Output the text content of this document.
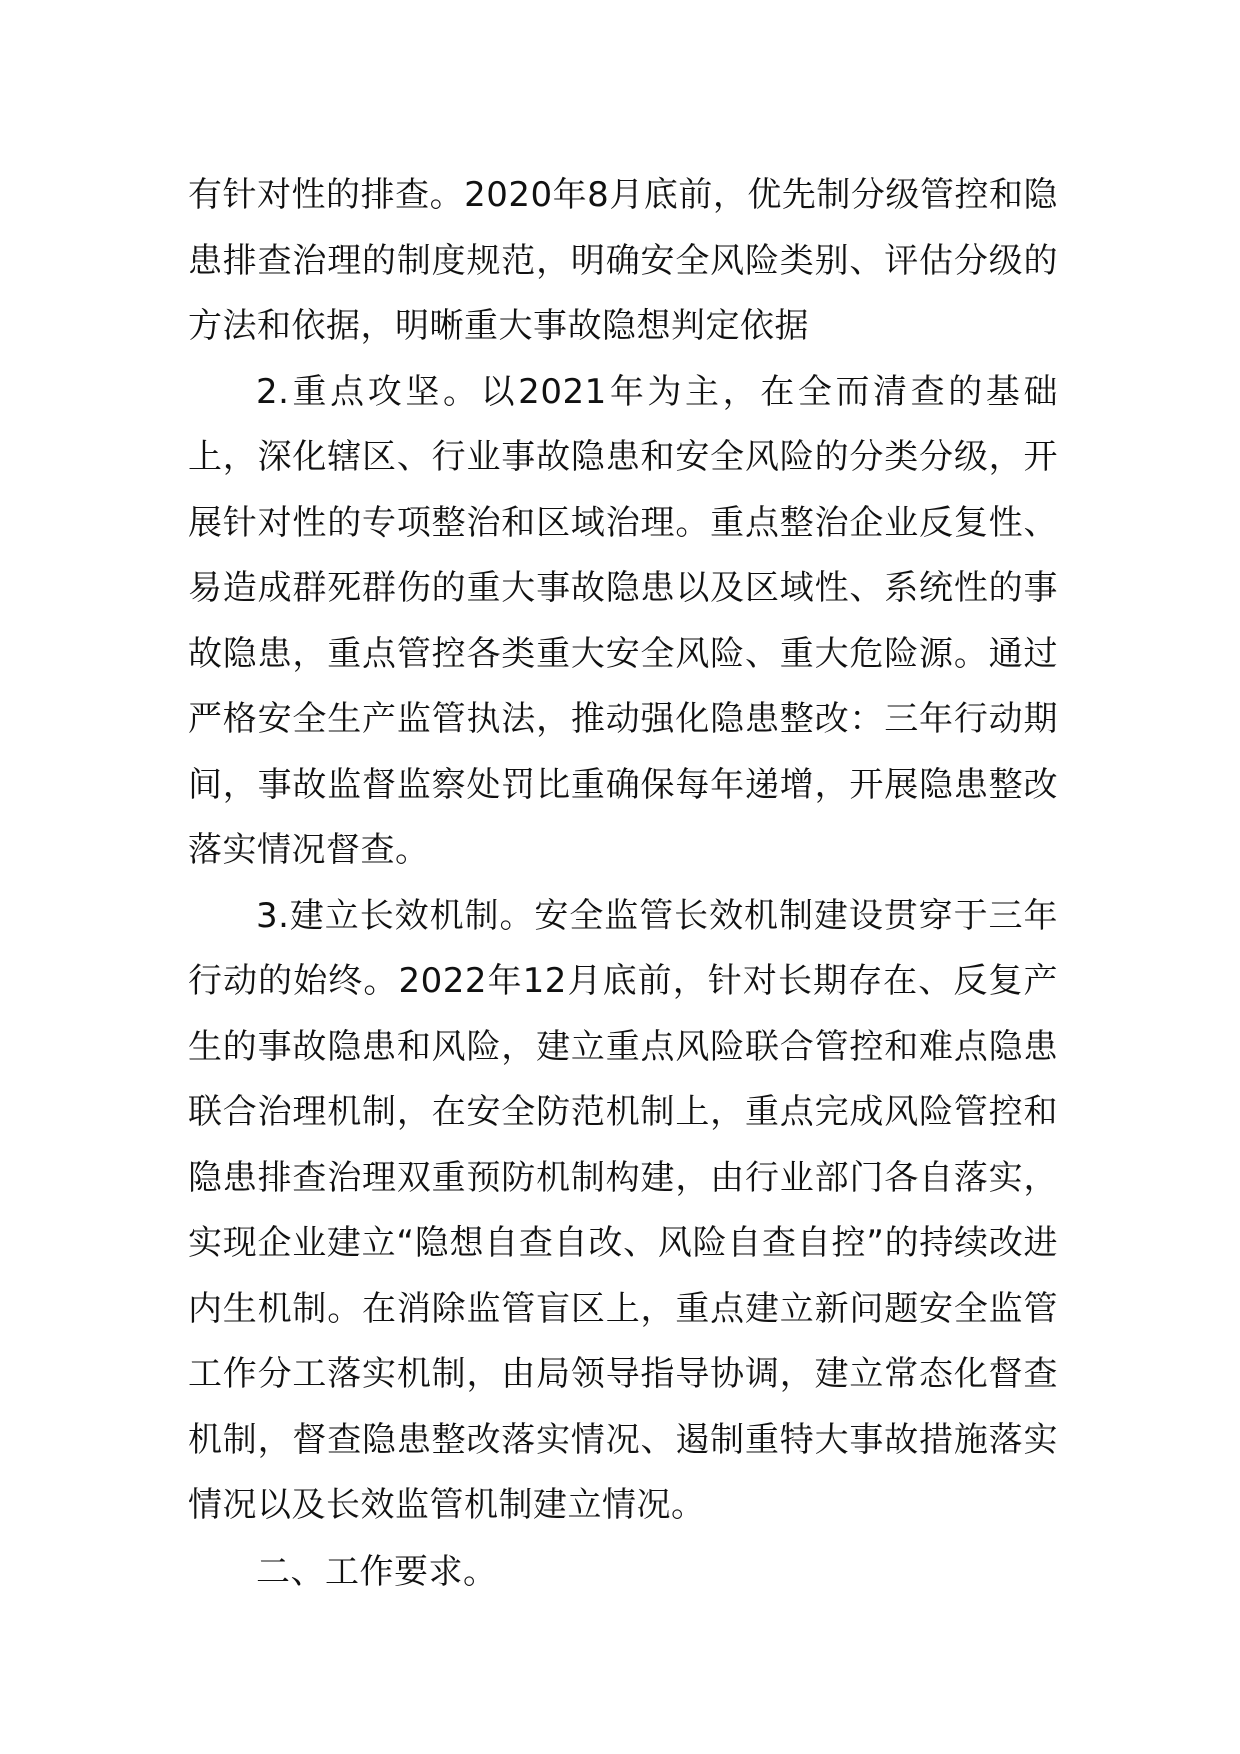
有针对性的排查。2020年8月底前，优先制分级管控和隐患排查治理的制度规范，明确安全风险类别、评估分级的方法和依据，明晰重大事故隐想判定依据

2.重点攻坚。以2021年为主，在全而清查的基础上，深化辖区、行业事故隐患和安全风险的分类分级，开展针对性的专项整治和区域治理。重点整治企业反复性、易造成群死群伤的重大事故隐患以及区域性、系统性的事故隐患，重点管控各类重大安全风险、重大危险源。通过严格安全生产监管执法，推动强化隐患整改：三年行动期间，事故监督监察处罚比重确保每年递增，开展隐患整改落实情况督查。

3.建立长效机制。安全监管长效机制建设贯穿于三年行动的始终。2022年12月底前，针对长期存在、反复产生的事故隐患和风险，建立重点风险联合管控和难点隐患联合治理机制，在安全防范机制上，重点完成风险管控和隐患排查治理双重预防机制构建，由行业部门各自落实，实现企业建立“隐想自查自改、风险自查自控”的持续改进内生机制。在消除监管盲区上，重点建立新问题安全监管工作分工落实机制，由局领导指导协调，建立常态化督查机制，督查隐患整改落实情况、遏制重特大事故措施落实情况以及长效监管机制建立情况。

二、工作要求。
